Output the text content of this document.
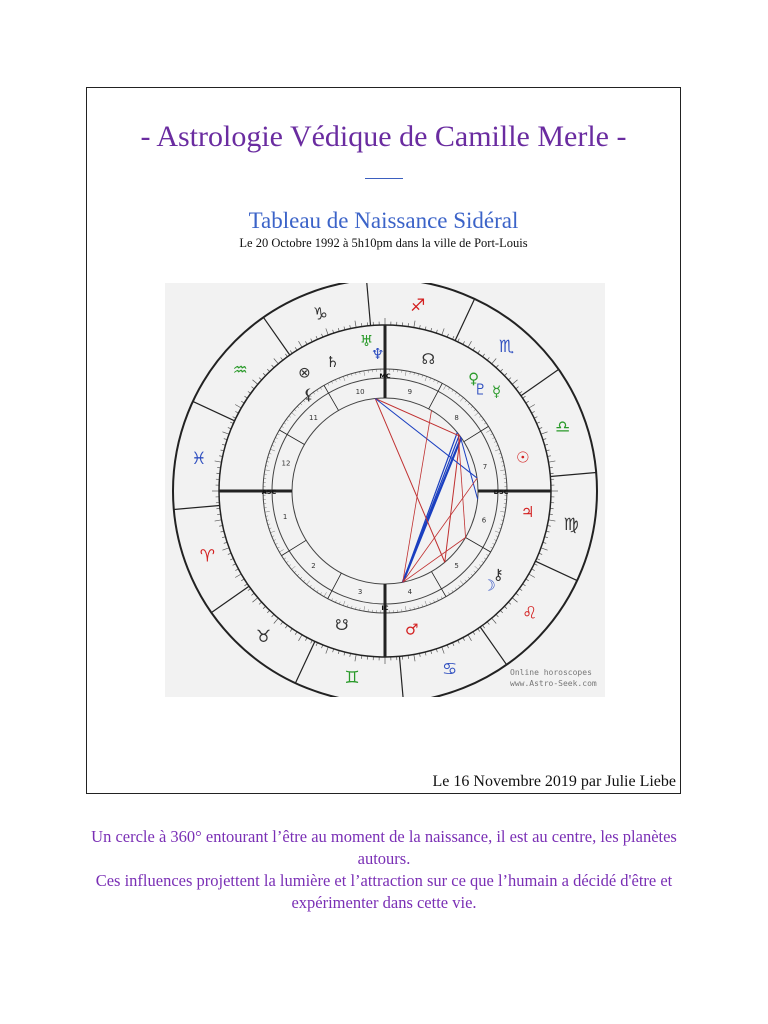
- Astrologie Védique de Camille Merle -
Tableau de Naissance Sidéral
Le 20 Octobre 1992 à 5h10pm dans la ville de Port-Louis
♐
♏
♎
♍
♌
♋
♊
♉
♈
♓
♒
♑
♆
♅
♄
⊗
☊
⚸
♀
♇ ☿
☉
♃
⚷
☽
♂
☋
1
2
3	4
5
6
7
8
9
10
11
12
ASC	DSC
MC
IC
Online horoscopes
www.Astro-Seek.com
Le 16 Novembre 2019 par Julie Liebe

Un cercle à 360° entourant l’être au moment de la naissance, il est au centre, les planètes autours.

Ces influences projettent la lumière et l’attraction sur ce que l’humain a décidé d'être et expérimenter dans cette vie.
